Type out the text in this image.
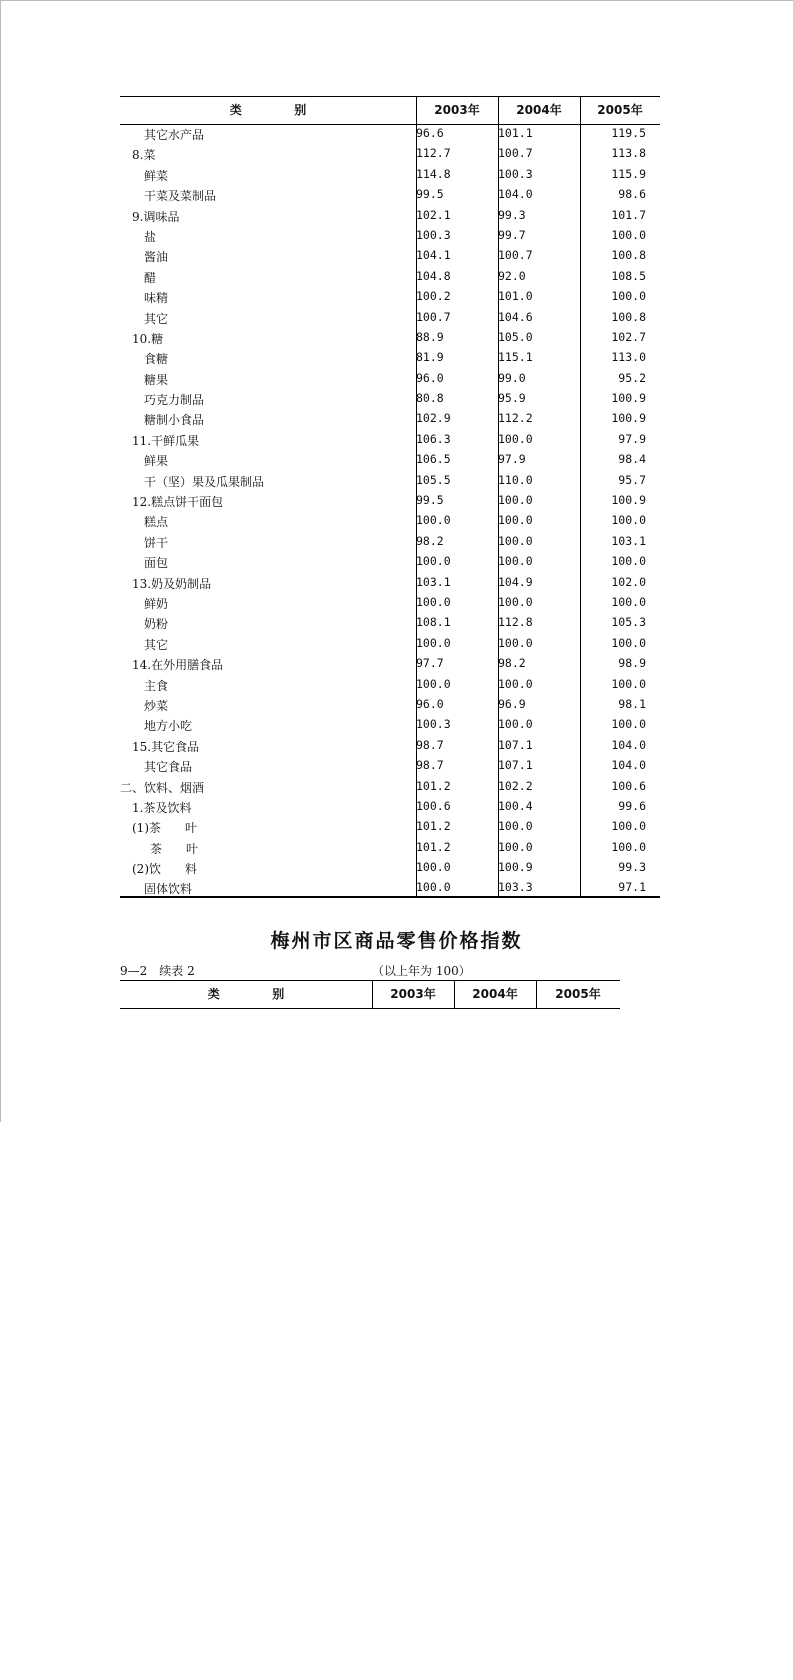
类	别	2003年	2004年	2005年
其它水产品	96.6	101.1	119.5
8.菜	112.7	100.7	113.8
鲜菜	114.8	100.3	115.9
干菜及菜制品	99.5	104.0	98.6
9.调味品	102.1	99.3	101.7
盐	100.3	99.7	100.0
酱油	104.1	100.7	100.8
醋	104.8	92.0	108.5
味精	100.2	101.0	100.0
其它	100.7	104.6	100.8
10.糖	88.9	105.0	102.7
食糖	81.9	115.1	113.0
糖果	96.0	99.0	95.2
巧克力制品	80.8	95.9	100.9
糖制小食品	102.9	112.2	100.9
11.干鲜瓜果	106.3	100.0	97.9
鲜果	106.5	97.9	98.4
干（坚）果及瓜果制品	105.5	110.0	95.7
12.糕点饼干面包	99.5	100.0	100.9
糕点	100.0	100.0	100.0
饼干	98.2	100.0	103.1
面包	100.0	100.0	100.0
13.奶及奶制品	103.1	104.9	102.0
鲜奶	100.0	100.0	100.0
奶粉	108.1	112.8	105.3
其它	100.0	100.0	100.0
14.在外用膳食品	97.7	98.2	98.9
主食	100.0	100.0	100.0
炒菜	96.0	96.9	98.1
地方小吃	100.3	100.0	100.0
15.其它食品	98.7	107.1	104.0
其它食品	98.7	107.1	104.0
二、饮料、烟酒	101.2	102.2	100.6
1.茶及饮料	100.6	100.4	99.6
(1)茶　　叶	101.2	100.0	100.0
茶　　叶	101.2	100.0	100.0
(2)饮　　料	100.0	100.9	99.3
固体饮料	100.0	103.3	97.1
梅州市区商品零售价格指数
9—2　续表 2	（以上年为 100）
类	别	2003年	2004年	2005年
